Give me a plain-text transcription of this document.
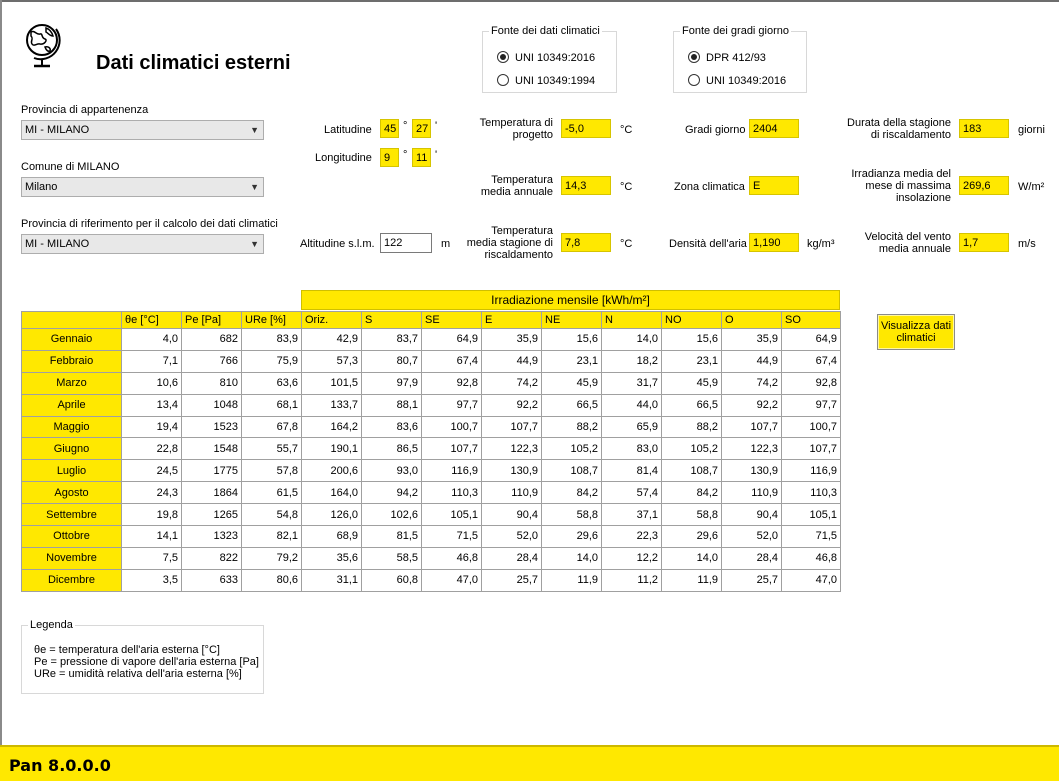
Dati climatici esterni
Fonte dei dati climatici
UNI 10349:2016
UNI 10349:1994
Fonte dei gradi giorno
DPR 412/93
UNI 10349:2016
Provincia di appartenenza
MI - MILANO	▼
Comune di MILANO
Milano	▼
Provincia di riferimento per il calcolo dei dati climatici
MI - MILANO	▼
Latitudine	45 ° 27 '
Longitudine	9	° 11 '
Altitudine s.l.m. 122	m
Temperatura di progetto	-5,0	°C
Temperatura media annuale	14,3	°C
Temperatura media stagione di riscaldamento
7,8	°C
Gradi giorno 2404
Zona climatica E
Densità dell'aria 1,190	kg/m³
Durata della stagione di riscaldamento	183	giorni
Irradianza media del mese di massima insolazione
269,6	W/m²
Velocità del vento media annuale	1,7	m/s
Irradiazione mensile [kWh/m²]
	θe [°C]	Pe [Pa]	URe [%]	Oriz.	S	SE	E	NE	N	NO	O	SO
Gennaio	4,0	682	83,9	42,9	83,7	64,9	35,9	15,6	14,0	15,6	35,9	64,9
Febbraio	7,1	766	75,9	57,3	80,7	67,4	44,9	23,1	18,2	23,1	44,9	67,4
Marzo	10,6	810	63,6	101,5	97,9	92,8	74,2	45,9	31,7	45,9	74,2	92,8
Aprile	13,4	1048	68,1	133,7	88,1	97,7	92,2	66,5	44,0	66,5	92,2	97,7
Maggio	19,4	1523	67,8	164,2	83,6	100,7	107,7	88,2	65,9	88,2	107,7	100,7
Giugno	22,8	1548	55,7	190,1	86,5	107,7	122,3	105,2	83,0	105,2	122,3	107,7
Luglio	24,5	1775	57,8	200,6	93,0	116,9	130,9	108,7	81,4	108,7	130,9	116,9
Agosto	24,3	1864	61,5	164,0	94,2	110,3	110,9	84,2	57,4	84,2	110,9	110,3
Settembre	19,8	1265	54,8	126,0	102,6	105,1	90,4	58,8	37,1	58,8	90,4	105,1
Ottobre	14,1	1323	82,1	68,9	81,5	71,5	52,0	29,6	22,3	29,6	52,0	71,5
Novembre	7,5	822	79,2	35,6	58,5	46,8	28,4	14,0	12,2	14,0	28,4	46,8
Dicembre	3,5	633	80,6	31,1	60,8	47,0	25,7	11,9	11,2	11,9	25,7	47,0
Visualizza dati climatici
Legenda
θe = temperatura dell'aria esterna [°C]
Pe = pressione di vapore dell'aria esterna [Pa]
URe = umidità relativa dell'aria esterna [%]
Pan 8.0.0.0
